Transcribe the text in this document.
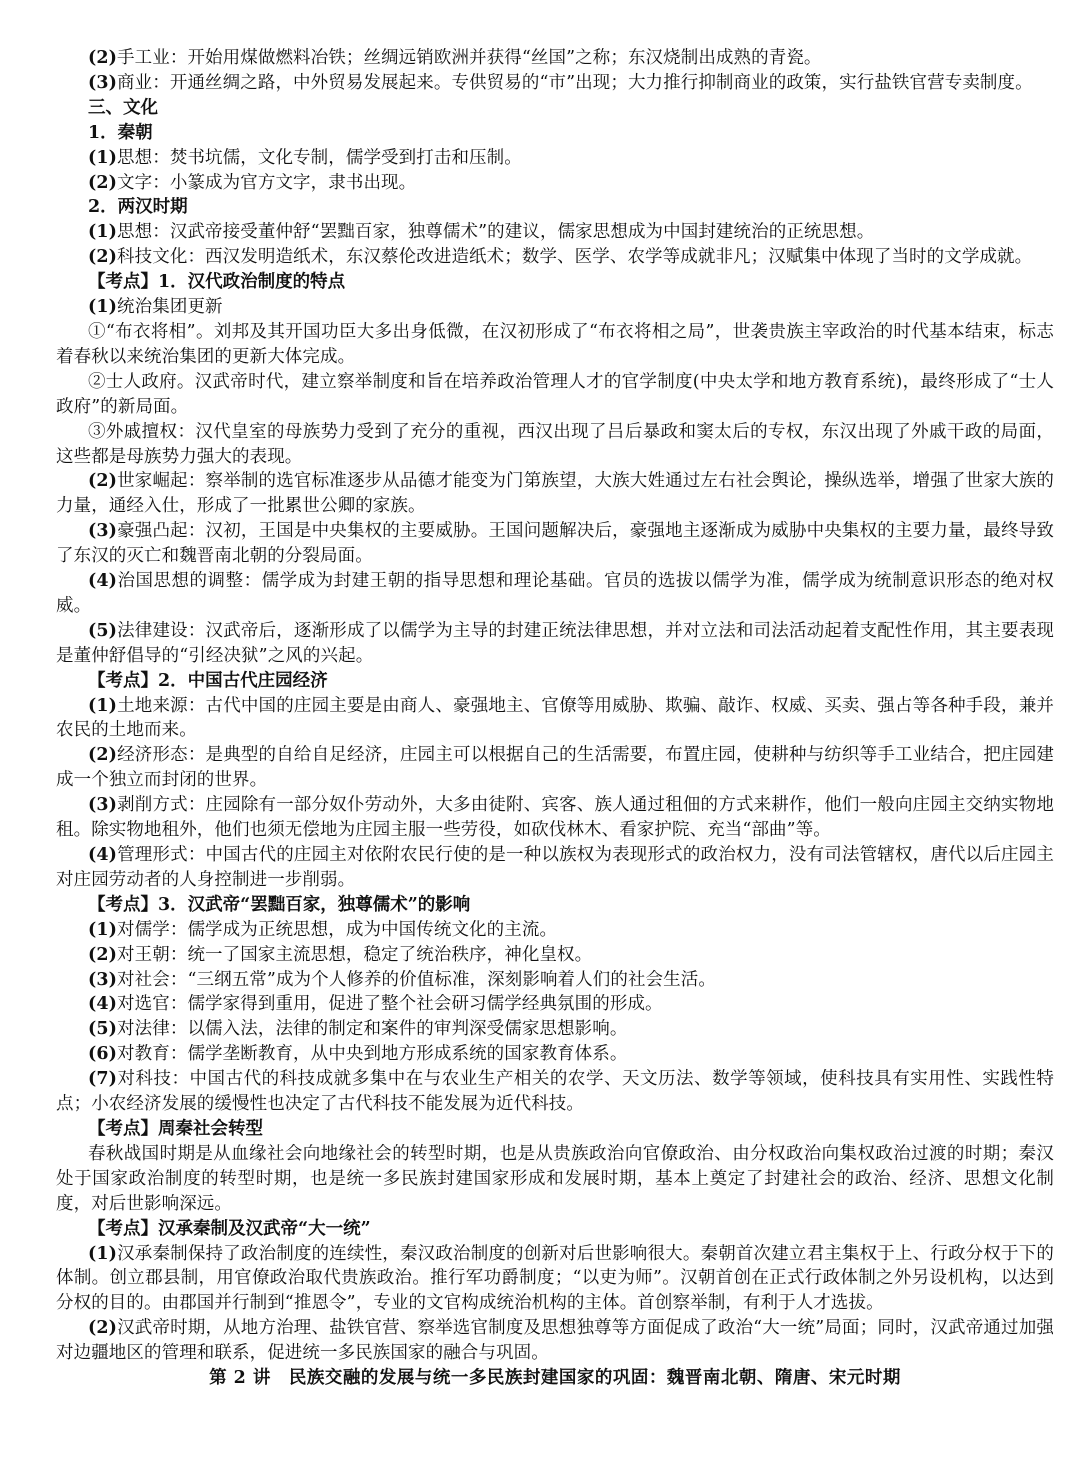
(2)手工业：开始用煤做燃料冶铁；丝绸远销欧洲并获得“丝国”之称；东汉烧制出成熟的青瓷。

(3)商业：开通丝绸之路，中外贸易发展起来。专供贸易的“市”出现；大力推行抑制商业的政策，实行盐铁官营专卖制度。

三、文化

1．秦朝

(1)思想：焚书坑儒，文化专制，儒学受到打击和压制。

(2)文字：小篆成为官方文字，隶书出现。

2．两汉时期

(1)思想：汉武帝接受董仲舒“罢黜百家，独尊儒术”的建议，儒家思想成为中国封建统治的正统思想。

(2)科技文化：西汉发明造纸术，东汉蔡伦改进造纸术；数学、医学、农学等成就非凡；汉赋集中体现了当时的文学成就。

【考点】1．汉代政治制度的特点

(1)统治集团更新

①“布衣将相”。刘邦及其开国功臣大多出身低微，在汉初形成了“布衣将相之局”，世袭贵族主宰政治的时代基本结束，标志着春秋以来统治集团的更新大体完成。

②士人政府。汉武帝时代，建立察举制度和旨在培养政治管理人才的官学制度(中央太学和地方教育系统)，最终形成了“士人政府”的新局面。

③外戚擅权：汉代皇室的母族势力受到了充分的重视，西汉出现了吕后暴政和窦太后的专权，东汉出现了外戚干政的局面，这些都是母族势力强大的表现。

(2)世家崛起：察举制的选官标准逐步从品德才能变为门第族望，大族大姓通过左右社会舆论，操纵选举，增强了世家大族的力量，通经入仕，形成了一批累世公卿的家族。

(3)豪强凸起：汉初，王国是中央集权的主要威胁。王国问题解决后，豪强地主逐渐成为威胁中央集权的主要力量，最终导致了东汉的灭亡和魏晋南北朝的分裂局面。

(4)治国思想的调整：儒学成为封建王朝的指导思想和理论基础。官员的选拔以儒学为准，儒学成为统制意识形态的绝对权威。

(5)法律建设：汉武帝后，逐渐形成了以儒学为主导的封建正统法律思想，并对立法和司法活动起着支配性作用，其主要表现是董仲舒倡导的“引经决狱”之风的兴起。

【考点】2．中国古代庄园经济

(1)土地来源：古代中国的庄园主要是由商人、豪强地主、官僚等用威胁、欺骗、敲诈、权威、买卖、强占等各种手段，兼并农民的土地而来。

(2)经济形态：是典型的自给自足经济，庄园主可以根据自己的生活需要，布置庄园，使耕种与纺织等手工业结合，把庄园建成一个独立而封闭的世界。

(3)剥削方式：庄园除有一部分奴仆劳动外，大多由徒附、宾客、族人通过租佃的方式来耕作，他们一般向庄园主交纳实物地租。除实物地租外，他们也须无偿地为庄园主服一些劳役，如砍伐林木、看家护院、充当“部曲”等。

(4)管理形式：中国古代的庄园主对依附农民行使的是一种以族权为表现形式的政治权力，没有司法管辖权，唐代以后庄园主对庄园劳动者的人身控制进一步削弱。

【考点】3．汉武帝“罢黜百家，独尊儒术”的影响

(1)对儒学：儒学成为正统思想，成为中国传统文化的主流。

(2)对王朝：统一了国家主流思想，稳定了统治秩序，神化皇权。

(3)对社会：“三纲五常”成为个人修养的价值标准，深刻影响着人们的社会生活。

(4)对选官：儒学家得到重用，促进了整个社会研习儒学经典氛围的形成。

(5)对法律：以儒入法，法律的制定和案件的审判深受儒家思想影响。

(6)对教育：儒学垄断教育，从中央到地方形成系统的国家教育体系。

(7)对科技：中国古代的科技成就多集中在与农业生产相关的农学、天文历法、数学等领域，使科技具有实用性、实践性特点；小农经济发展的缓慢性也决定了古代科技不能发展为近代科技。

【考点】周秦社会转型

春秋战国时期是从血缘社会向地缘社会的转型时期，也是从贵族政治向官僚政治、由分权政治向集权政治过渡的时期；秦汉处于国家政治制度的转型时期，也是统一多民族封建国家形成和发展时期，基本上奠定了封建社会的政治、经济、思想文化制度，对后世影响深远。

【考点】汉承秦制及汉武帝“大一统”

(1)汉承秦制保持了政治制度的连续性，秦汉政治制度的创新对后世影响很大。秦朝首次建立君主集权于上、行政分权于下的体制。创立郡县制，用官僚政治取代贵族政治。推行军功爵制度；“以吏为师”。汉朝首创在正式行政体制之外另设机构，以达到分权的目的。由郡国并行制到“推恩令”，专业的文官构成统治机构的主体。首创察举制，有利于人才选拔。

(2)汉武帝时期，从地方治理、盐铁官营、察举选官制度及思想独尊等方面促成了政治“大一统”局面；同时，汉武帝通过加强对边疆地区的管理和联系，促进统一多民族国家的融合与巩固。

第 2 讲　民族交融的发展与统一多民族封建国家的巩固：魏晋南北朝、隋唐、宋元时期
